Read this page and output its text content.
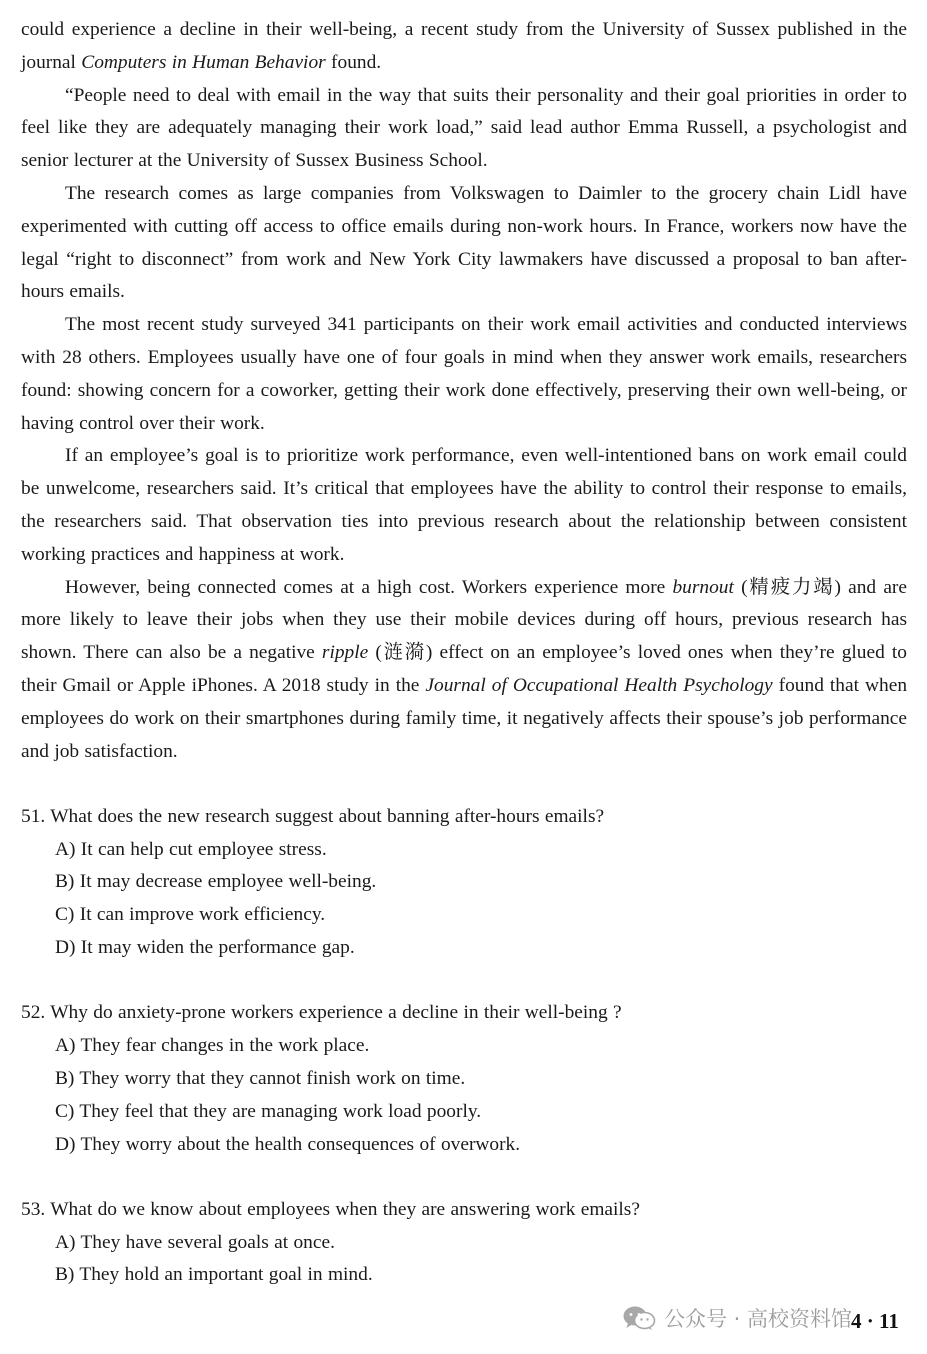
could experience a decline in their well-being, a recent study from the University of Sussex published in the journal Computers in Human Behavior found.

“People need to deal with email in the way that suits their personality and their goal priorities in order to feel like they are adequately managing their work load,” said lead author Emma Russell, a psychologist and senior lecturer at the University of Sussex Business School.

The research comes as large companies from Volkswagen to Daimler to the grocery chain Lidl have experimented with cutting off access to office emails during non-work hours. In France, workers now have the legal “right to disconnect” from work and New York City lawmakers have discussed a proposal to ban after-hours emails.

The most recent study surveyed 341 participants on their work email activities and conducted interviews with 28 others. Employees usually have one of four goals in mind when they answer work emails, researchers found: showing concern for a coworker, getting their work done effectively, preserving their own well-being, or having control over their work.

If an employee’s goal is to prioritize work performance, even well-intentioned bans on work email could be unwelcome, researchers said. It’s critical that employees have the ability to control their response to emails, the researchers said. That observation ties into previous research about the relationship between consistent working practices and happiness at work.

However, being connected comes at a high cost. Workers experience more burnout (精疲力竭) and are more likely to leave their jobs when they use their mobile devices during off hours, previous research has shown. There can also be a negative ripple (涟漪) effect on an employee’s loved ones when they’re glued to their Gmail or Apple iPhones. A 2018 study in the Journal of Occupational Health Psychology found that when employees do work on their smartphones during family time, it negatively affects their spouse’s job performance and job satisfaction.

51. What does the new research suggest about banning after-hours emails?

A) It can help cut employee stress.

B) It may decrease employee well-being.

C) It can improve work efficiency.

D) It may widen the performance gap.

52. Why do anxiety-prone workers experience a decline in their well-being ?

A) They fear changes in the work place.

B) They worry that they cannot finish work on time.

C) They feel that they are managing work load poorly.

D) They worry about the health consequences of overwork.

53. What do we know about employees when they are answering work emails?

A) They have several goals at once.

B) They hold an important goal in mind.

公众号 · 高校资料馆
4 · 11
